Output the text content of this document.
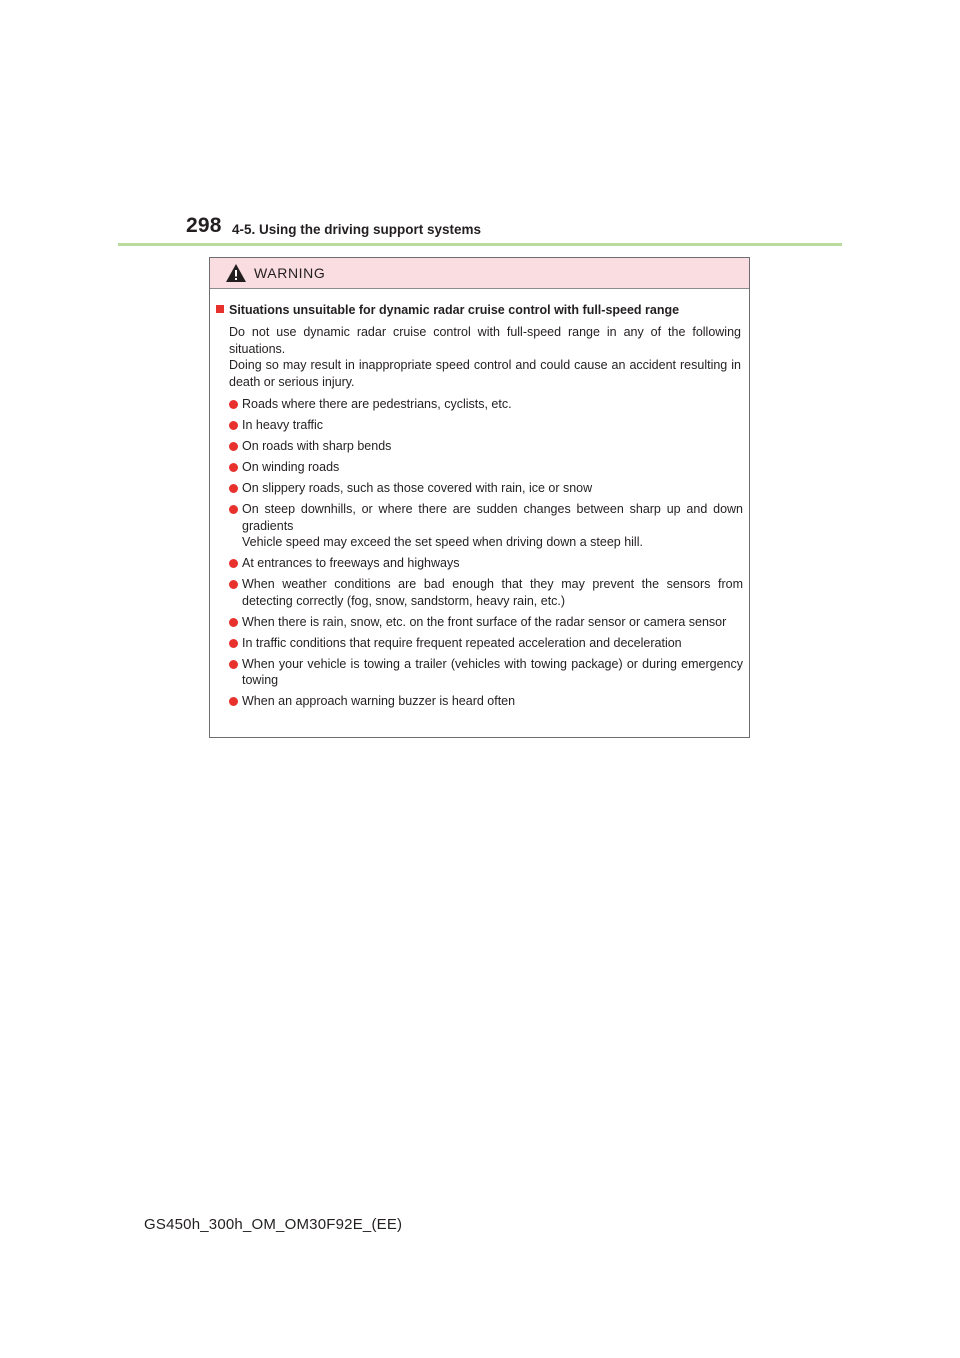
298 4-5. Using the driving support systems
WARNING
Situations unsuitable for dynamic radar cruise control with full-speed range
Do not use dynamic radar cruise control with full-speed range in any of the following situations.
Doing so may result in inappropriate speed control and could cause an accident resulting in death or serious injury.
Roads where there are pedestrians, cyclists, etc.
In heavy traffic
On roads with sharp bends
On winding roads
On slippery roads, such as those covered with rain, ice or snow
On steep downhills, or where there are sudden changes between sharp up and down gradients
Vehicle speed may exceed the set speed when driving down a steep hill.
At entrances to freeways and highways
When weather conditions are bad enough that they may prevent the sensors from detecting correctly (fog, snow, sandstorm, heavy rain, etc.)
When there is rain, snow, etc. on the front surface of the radar sensor or camera sensor
In traffic conditions that require frequent repeated acceleration and deceleration
When your vehicle is towing a trailer (vehicles with towing package) or during emergency towing
When an approach warning buzzer is heard often
GS450h_300h_OM_OM30F92E_(EE)
